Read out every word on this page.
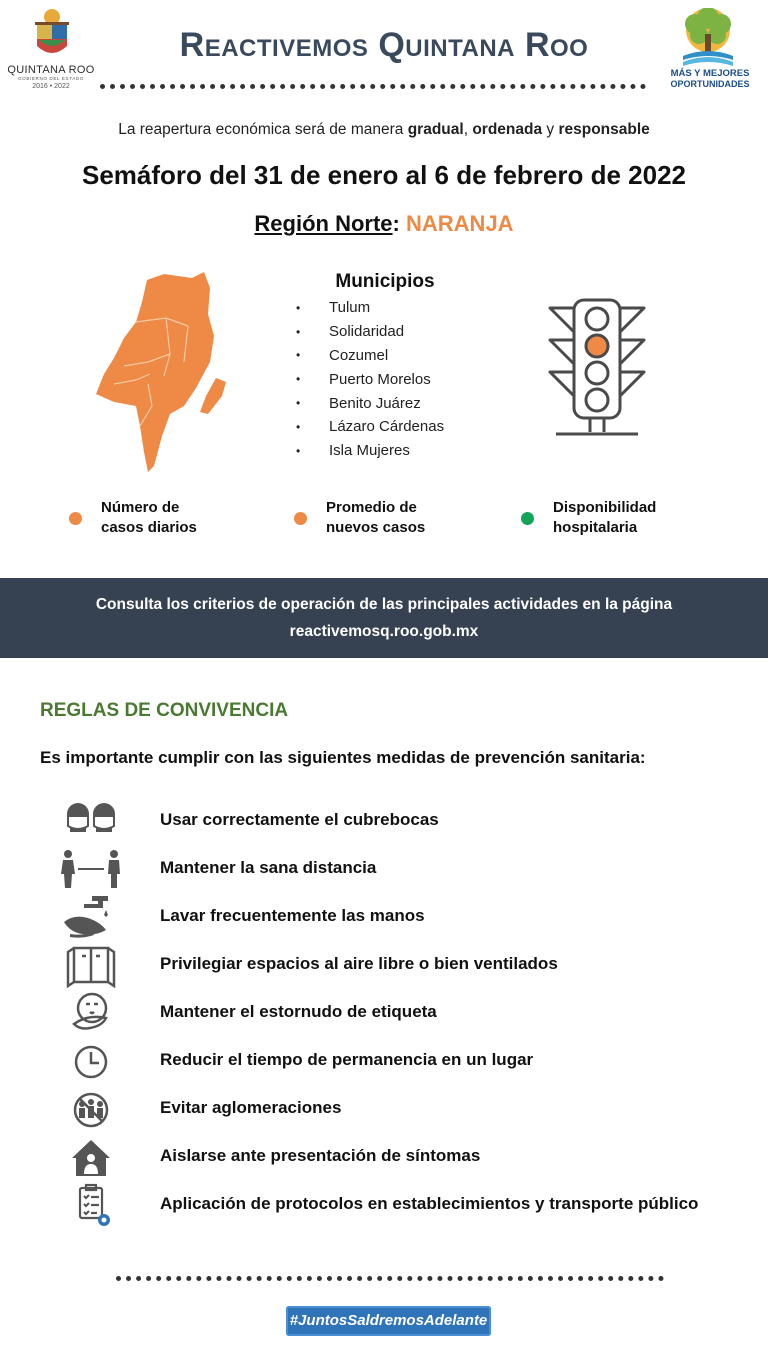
QUINTANA ROO
GOBIERNO DEL ESTADO
2016 • 2022
Reactivemos Quintana Roo
MÁS Y MEJORES
OPORTUNIDADES
La reapertura económica será de manera gradual, ordenada y responsable
Semáforo del 31 de enero al 6 de febrero de 2022
Región Norte: NARANJA
Municipios
•	Tulum
•	Solidaridad
•	Cozumel
•	Puerto Morelos
•	Benito Juárez
•	Lázaro Cárdenas
•	Isla Mujeres
Número de
casos diarios
Promedio de
nuevos casos
Disponibilidad
hospitalaria
Consulta los criterios de operación de las principales actividades en la página
reactivemosq.roo.gob.mx
REGLAS DE CONVIVENCIA
Es importante cumplir con las siguientes medidas de prevención sanitaria:
Usar correctamente el cubrebocas
Mantener la sana distancia
Lavar frecuentemente las manos
Privilegiar espacios al aire libre o bien ventilados
Mantener el estornudo de etiqueta
Reducir el tiempo de permanencia en un lugar
Evitar aglomeraciones
Aislarse ante presentación de síntomas
Aplicación de protocolos en establecimientos y transporte público
#JuntosSaldremosAdelante
